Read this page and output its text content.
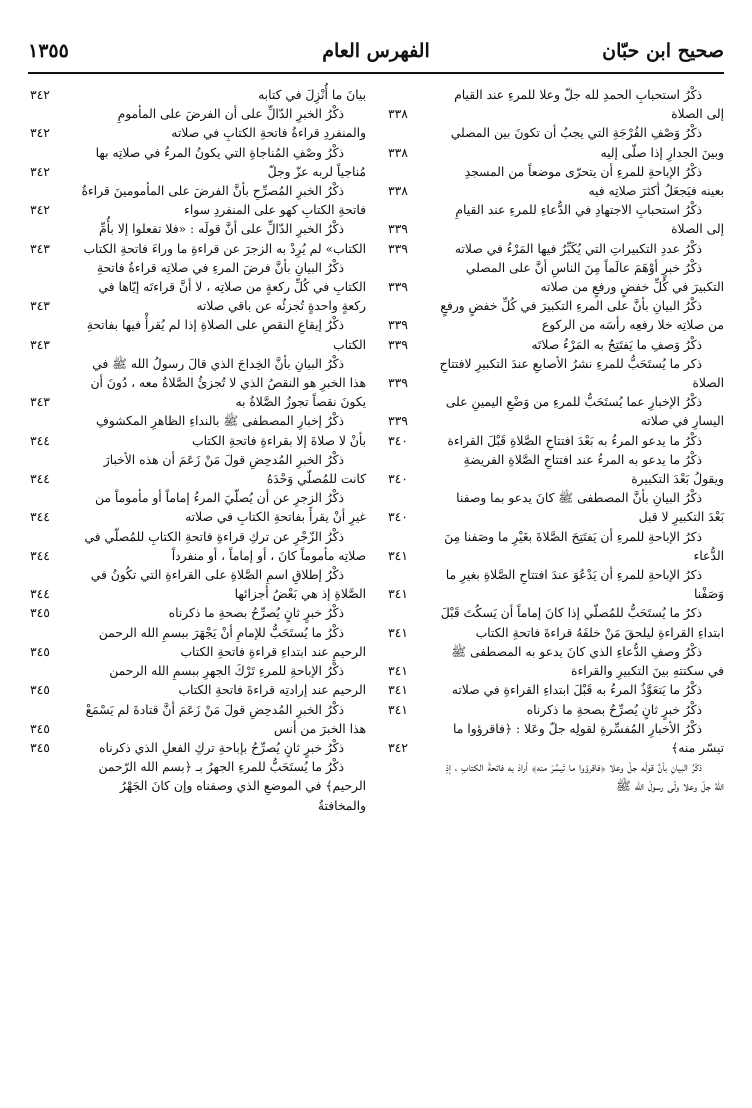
صحيح ابن حبّان
الفهرس العام
١٣٥٥

ذكْرُ استحبابِ الحمدِ لله جلّ وعلا للمرءِ عند القيام إلى الصلاة
٣٣٨

ذكْرُ وَصْفِ الفُرْجَةِ التي يجبُ أن تكونَ بين المصلي وبينَ الجدارِ إذا صلّى إليه
٣٣٨

ذكْرُ الإباحةِ للمرءِ أن يتحرّى موضعاً من المسجدِ بعينه فيَجعَلُ أكثرَ صلاتِه فيه
٣٣٨

ذكْرُ استحبابِ الاجتهادِ في الدُّعاءِ للمرءِ عند القيامِ إلى الصلاة
٣٣٩

ذكْرُ عددِ التكبيراتِ التي يُكَبِّرُ فيها المَرْءُ في صلاته
٣٣٩

ذكْرُ خبرٍ أوْهَمَ عالَماً مِنَ الناسِ أنَّ على المصلي التكبيرَ في كُلِّ خفضٍ ورفعٍ من صلاته
٣٣٩

ذكْرُ البيانِ بأنَّ على المرءِ التكبيرَ في كُلِّ خفضٍ ورفعٍ من صلاتِه خلا رفعِه رأسَه من الركوع
٣٣٩

ذكْرُ وَصفِ ما يَفتَتِحُ به المَرْءُ صلاتَه
٣٣٩

ذكر ما يُستَحَبُّ للمرءِ نشرُ الأصابعِ عندَ التكبيرِ لافتتاحِ الصلاة
٣٣٩

ذكْرُ الإخبارِ عما يُستَحَبُّ للمرءِ من وَضْعِ اليمينِ على اليسارِ في صلاته
٣٣٩

ذكْرُ ما يدعو المرءُ به بَعْدَ افتتاحِ الصَّلاةِ قَبْلَ القراءة
٣٤٠

ذكْرُ ما يدعو به المرءُ عند افتتاحِ الصَّلاةِ الفريضةِ ويقولُ بَعْدَ التكبيرة
٣٤٠

ذكْرُ البيانِ بأنَّ المصطفى ﷺ كانَ يدعو بما وصفنا بَعْدَ التكبيرِ لا قبل
٣٤٠

ذكرُ الإباحةِ للمرءِ أن يَفتَتِحَ الصَّلاةَ بغَيْرِ ما وصَفنا مِنَ الدُّعاء
٣٤١

ذكرُ الإباحةِ للمرءِ أن يَدْعُوَ عندَ افتتاحِ الصَّلاةِ بغيرِ ما وَصَفْنا
٣٤١

ذكرُ ما يُستَحَبُّ للمُصلّي إذا كانَ إماماً أن يَسكُتَ قَبْلَ ابتداءِ القراءةِ ليلحقَ مَنْ خلفَهُ قراءةَ فاتحةِ الكتاب
٣٤١

ذكْرُ وصفِ الدُّعاءِ الذي كانَ يدعو به المصطفى ﷺ في سكتتهِ بينَ التكبيرِ والقراءة
٣٤١

ذكْرُ ما يَتعَوَّذُ المرءُ به قَبْلَ ابتداءِ القراءةِ في صلاته
٣٤١

ذكْرُ خبرٍ ثانٍ يُصرِّحُ بصحةِ ما ذكرناه
٣٤١

ذكْرُ الأخبارِ المُفسِّرةِ لقولِه جلّ وعَلا : ﴿فاقرؤوا ما تيسّر منه﴾
٣٤٢

ذكْرُ البيانِ بأنَّ قولَه جلّ وعلا ﴿فاقرؤوا ما تَيسَّرَ منه﴾ أرادَ به فاتحةَ الكتابِ ، إذِ اللهُ جلّ وعلا ولّى رسولَ الله ﷺ

بيانَ ما أُنْزِلَ في كتابه
٣٤٢

ذكْرُ الخبرِ الدّالِّ على أن الفرضَ على المأمومِ والمنفردِ قراءةُ فاتحةِ الكتابِ في صلاته
٣٤٢

ذكْرُ وصْفِ المُناجاةِ التي يكونُ المرءُ في صلاتِه بها مُناجياً لربه عزّ وجلّ
٣٤٢

ذكْرُ الخبرِ المُصرِّحِ بأنَّ الفرضَ على المأمومينَ قراءةُ فاتحةِ الكتابِ كهو على المنفردِ سواء
٣٤٢

ذكْرُ الخبرِ الدّالِّ على أنَّ قولَه : «فلا تفعلوا إلا بأُمِّ الكتاب» لم يُرِدْ به الزجرَ عن قراءةِ ما وراءَ فاتحةِ الكتاب
٣٤٣

ذكْرُ البيانِ بأنَّ فرضَ المرءِ في صلاتِه قراءةُ فاتحةِ الكتابِ في كُلِّ ركعةٍ من صلاتِه ، لا أنَّ قراءتَه إيّاها في ركعةٍ واحدةٍ تُجزئُه عن باقي صلاته
٣٤٣

ذكْرُ إيقاعِ النقصِ على الصلاةِ إذا لم يُقرأْ فيها بفاتحةِ الكتاب
٣٤٣

ذكْرُ البيانِ بأنَّ الخِداجَ الذي قالَ رسولُ الله ﷺ في هذا الخبرِ هو النقصُ الذي لا تُجزئُ الصَّلاةُ معه ، دُونَ أن يكونَ نقصاً تجوزُ الصَّلاةُ به
٣٤٣

ذكْرُ إخبارِ المصطفى ﷺ بالنداءِ الظاهرِ المكشوفِ بأنْ لا صلاةَ إلا بقراءةِ فاتحةِ الكتاب
٣٤٤

ذكْرُ الخبرِ المُدحِضِ قولَ مَنْ زَعَمَ أن هذه الأخبارَ كانت للمُصلّي وَحْدَهُ
٣٤٤

ذكْرُ الزجرِ عن أن يُصلّيَ المرءُ إماماً أو مأموماً من غيرِ أنْ يقرأَ بفاتحةِ الكتابِ في صلاته
٣٤٤

ذكْرُ الزّجْرِ عن تركِ قراءةِ فاتحةِ الكتابِ للمُصلّي في صلاتِه مأموماً كانَ ، أو إماماً ، أو منفرداً
٣٤٤

ذكْرُ إطلاقِ اسمِ الصَّلاةِ على القراءةِ التي تكُونُ في الصَّلاةِ إذ هي بَعْضُ أجزائها
٣٤٤

ذكْرُ خبرٍ ثانٍ يُصرِّحُ بصحةِ ما ذكرناه
٣٤٥

ذكْرُ ما يُستَحَبُّ للإمامِ أنْ يَجْهَرَ ببسمِ الله الرحمن الرحيمِ عند ابتداءِ قراءةِ فاتحةِ الكتاب
٣٤٥

ذكْرُ الإباحةِ للمرءِ تَرْكَ الجهرِ ببسمِ الله الرحمن الرحيم عند إرادتِه قراءةَ فاتحةِ الكتاب
٣٤٥

ذكْرُ الخبرِ المُدحِضِ قولَ مَنْ زَعَمَ أنَّ قتادةَ لم يَسْمَعْ هذا الخبرَ من أنس
٣٤٥

ذكْرُ خبرٍ ثانٍ يُصرِّحُ بإباحةِ تركِ الفعلِ الذي ذكرناه
٣٤٥

ذكْرُ ما يُستَحَبُّ للمرءِ الجهرُ بـ ﴿بسم الله الرّحمن الرحيم﴾ في الموضعِ الذي وصفناه وإن كانَ الجَهْرُ والمخافتةُ
